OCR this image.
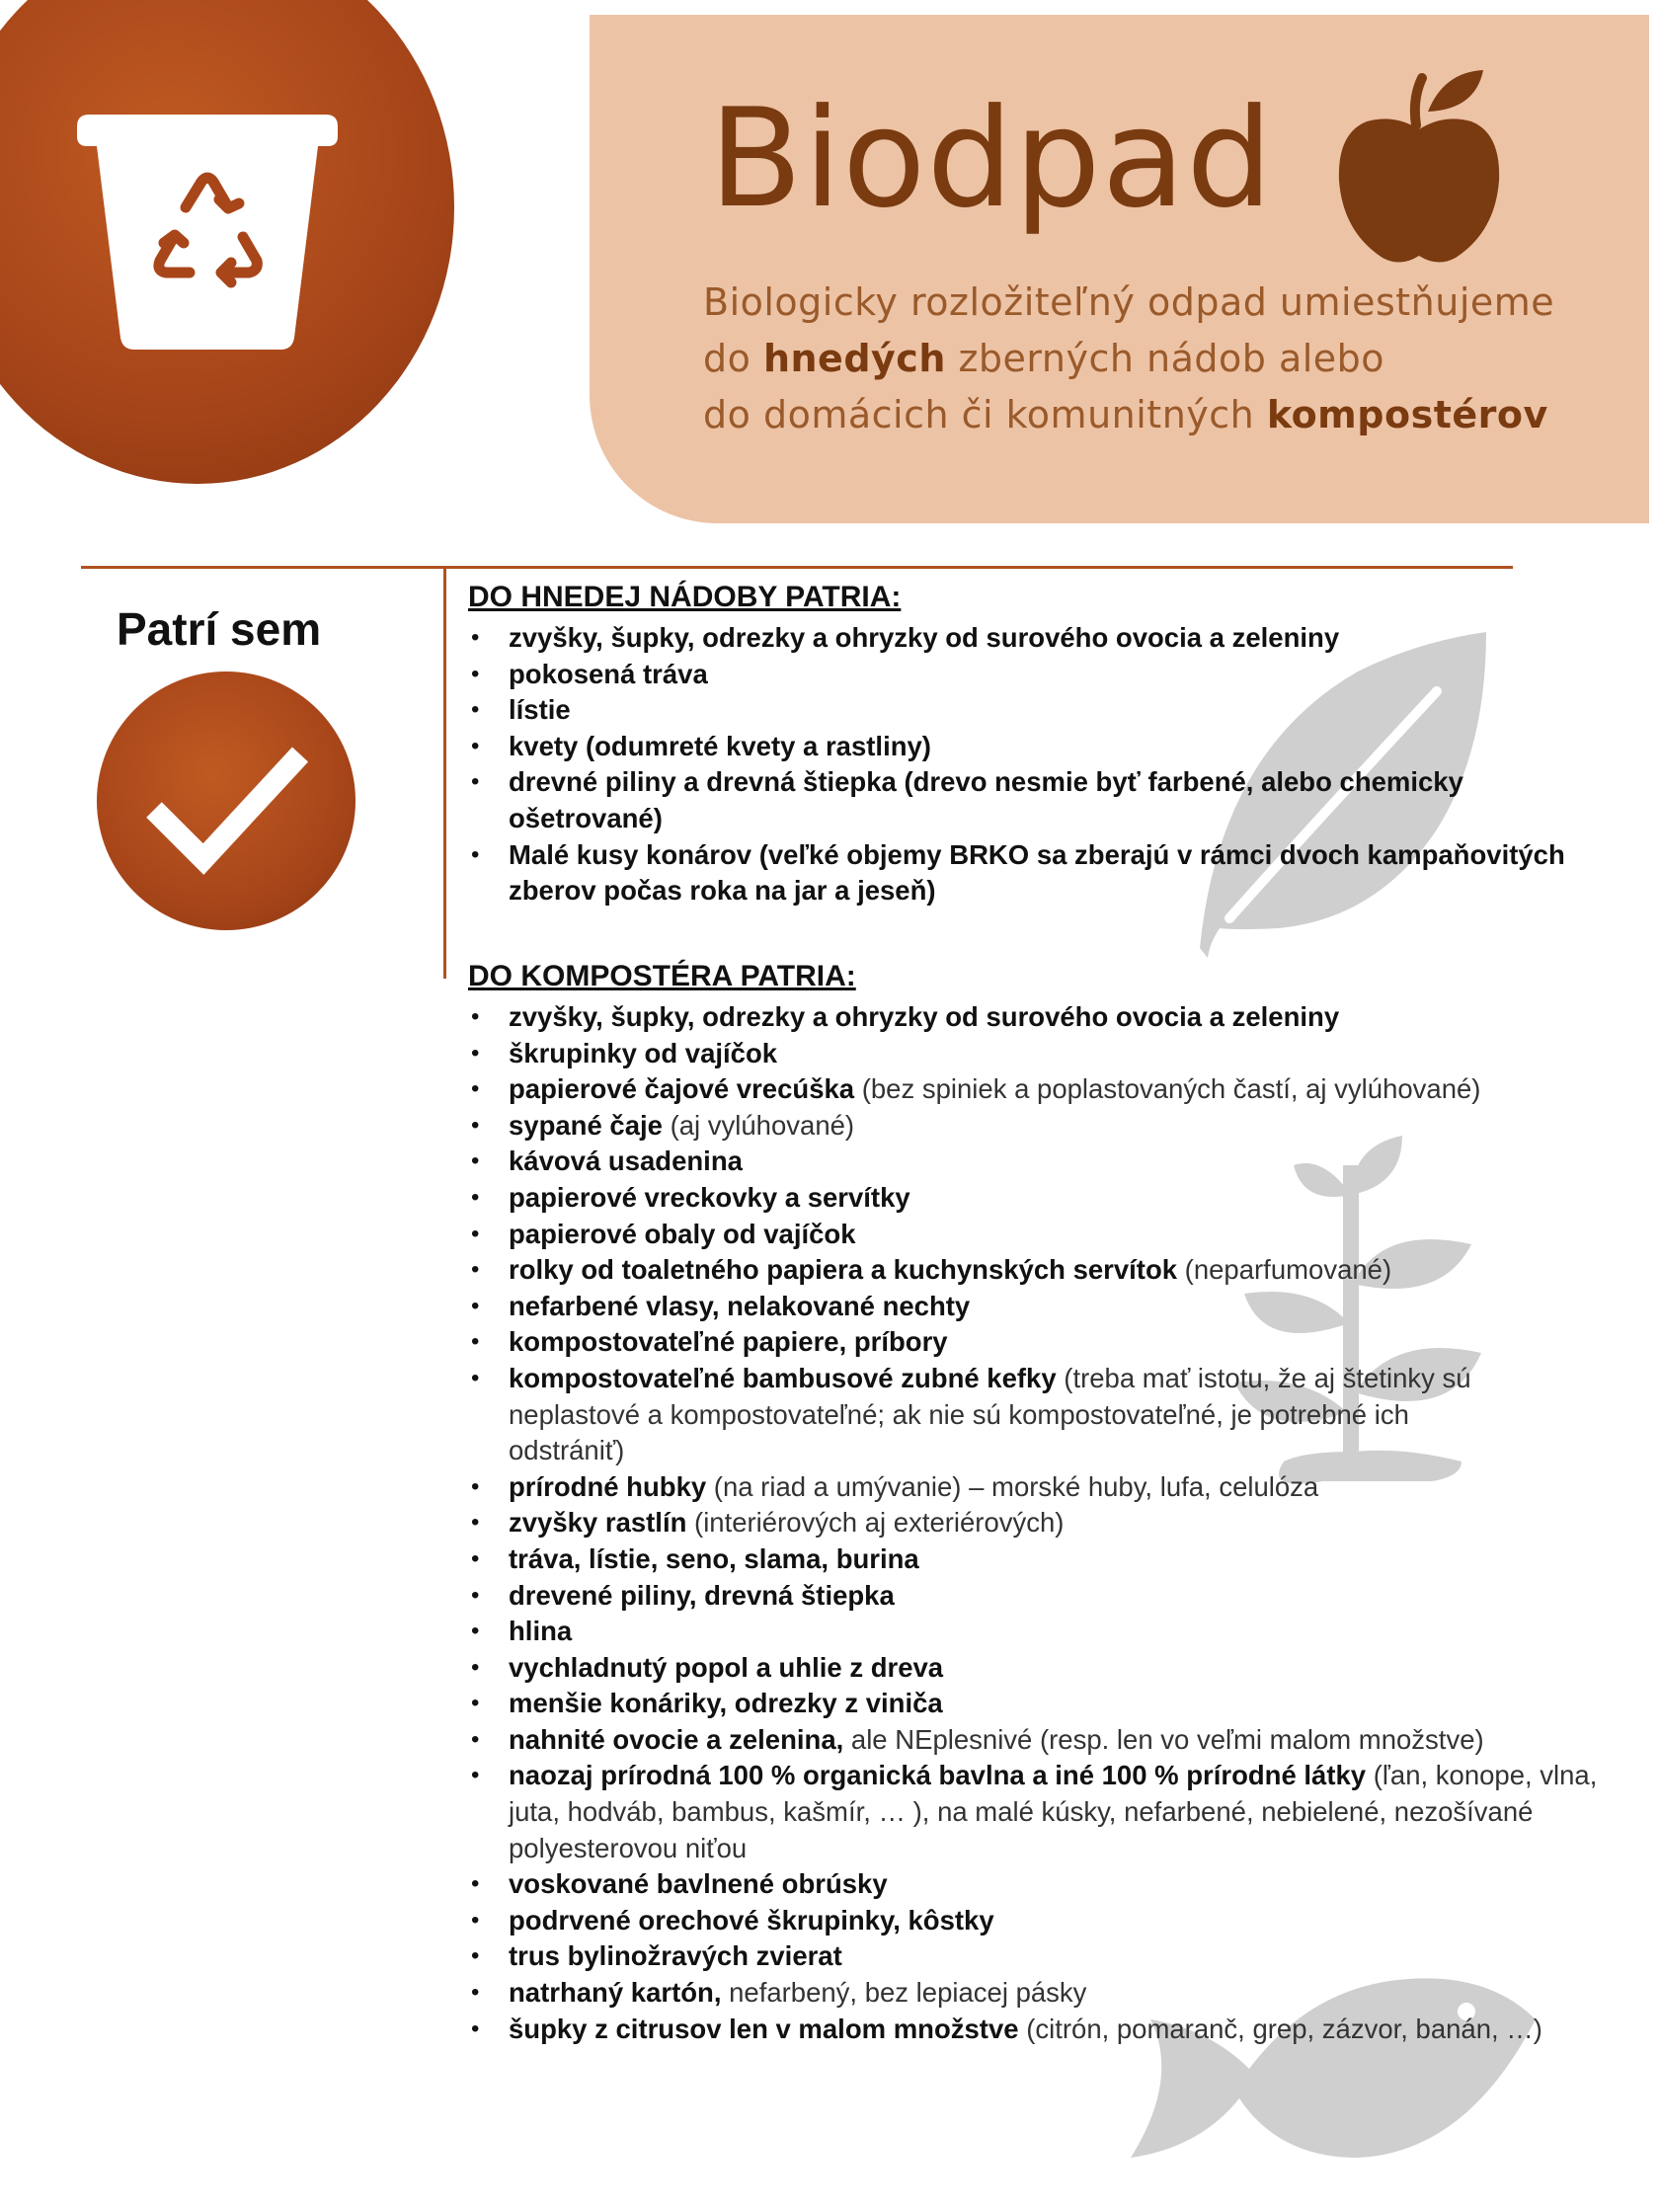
Biodpad
Biologicky rozložiteľný odpad umiestňujeme
do hnedých zberných nádob alebo
do domácich či komunitných kompostérov
Patrí sem
DO HNEDEJ NÁDOBY PATRIA:
• zvyšky, šupky, odrezky a ohryzky od surového ovocia a zeleniny
• pokosená tráva
• lístie
• kvety (odumreté kvety a rastliny)
• drevné piliny a drevná štiepka (drevo nesmie byť farbené, alebo chemicky ošetrované)
• Malé kusy konárov (veľké objemy BRKO sa zberajú v rámci dvoch kampaňovitých zberov počas roka na jar a jeseň)
DO KOMPOSTÉRA PATRIA:
• zvyšky, šupky, odrezky a ohryzky od surového ovocia a zeleniny
• škrupinky od vajíčok
• papierové čajové vrecúška (bez spiniek a poplastovaných častí, aj vylúhované)
• sypané čaje (aj vylúhované)
• kávová usadenina
• papierové vreckovky a servítky
• papierové obaly od vajíčok
• rolky od toaletného papiera a kuchynských servítok (neparfumované)
• nefarbené vlasy, nelakované nechty
• kompostovateľné papiere, príbory
• kompostovateľné bambusové zubné kefky (treba mať istotu, že aj štetinky sú neplastové a kompostovateľné; ak nie sú kompostovateľné, je potrebné ich odstrániť)
• prírodné hubky (na riad a umývanie) – morské huby, lufa, celulóza
• zvyšky rastlín (interiérových aj exteriérových)
• tráva, lístie, seno, slama, burina
• drevené piliny, drevná štiepka
• hlina
• vychladnutý popol a uhlie z dreva
• menšie konáriky, odrezky z viniča
• nahnité ovocie a zelenina, ale NEplesnivé (resp. len vo veľmi malom množstve)
• naozaj prírodná 100 % organická bavlna a iné 100 % prírodné látky (ľan, konope, vlna, juta, hodváb, bambus, kašmír, … ), na malé kúsky, nefarbené, nebielené, nezošívané polyesterovou niťou
• voskované bavlnené obrúsky
• podrvené orechové škrupinky, kôstky
• trus bylinožravých zvierat
• natrhaný kartón, nefarbený, bez lepiacej pásky
• šupky z citrusov len v malom množstve (citrón, pomaranč, grep, zázvor, banán, …)
